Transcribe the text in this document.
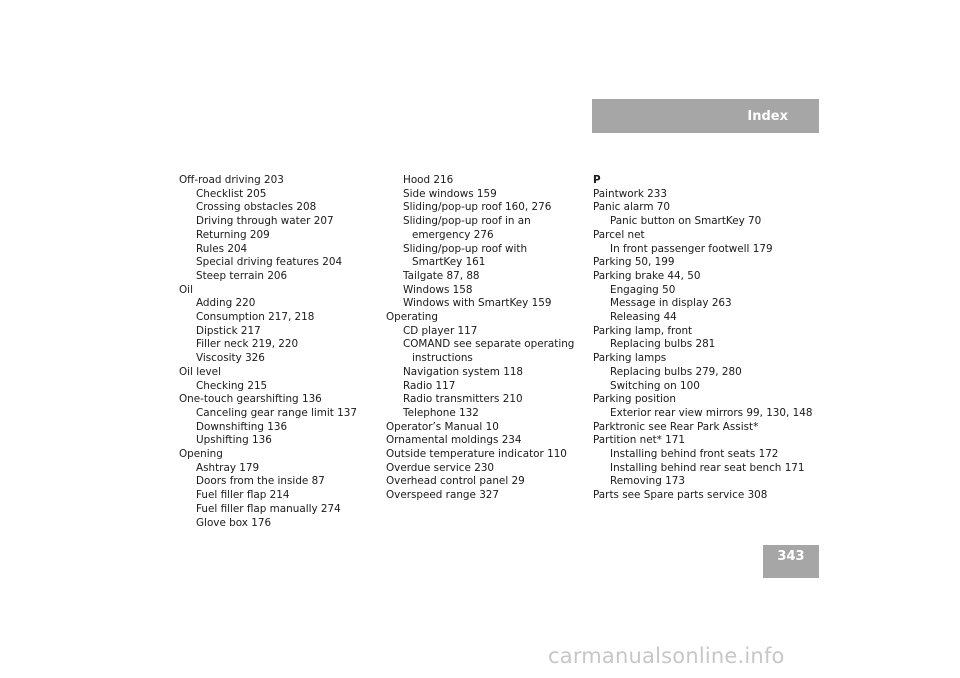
Index
Off-road driving 203
Checklist 205
Crossing obstacles 208
Driving through water 207
Returning 209
Rules 204
Special driving features 204
Steep terrain 206
Oil
Adding 220
Consumption 217, 218
Dipstick 217
Filler neck 219, 220
Viscosity 326
Oil level
Checking 215
One-touch gearshifting 136
Canceling gear range limit 137
Downshifting 136
Upshifting 136
Opening
Ashtray 179
Doors from the inside 87
Fuel filler flap 214
Fuel filler flap manually 274
Glove box 176
Hood 216
Side windows 159
Sliding/pop-up roof 160, 276
Sliding/pop-up roof in an
emergency 276
Sliding/pop-up roof with
SmartKey 161
Tailgate 87, 88
Windows 158
Windows with SmartKey 159
Operating
CD player 117
COMAND see separate operating
instructions
Navigation system 118
Radio 117
Radio transmitters 210
Telephone 132
Operator’s Manual 10
Ornamental moldings 234
Outside temperature indicator 110
Overdue service 230
Overhead control panel 29
Overspeed range 327
P
Paintwork 233
Panic alarm 70
Panic button on SmartKey 70
Parcel net
In front passenger footwell 179
Parking 50, 199
Parking brake 44, 50
Engaging 50
Message in display 263
Releasing 44
Parking lamp, front
Replacing bulbs 281
Parking lamps
Replacing bulbs 279, 280
Switching on 100
Parking position
Exterior rear view mirrors 99, 130, 148
Parktronic see Rear Park Assist*
Partition net* 171
Installing behind front seats 172
Installing behind rear seat bench 171
Removing 173
Parts see Spare parts service 308
343
carmanualsonline.info
